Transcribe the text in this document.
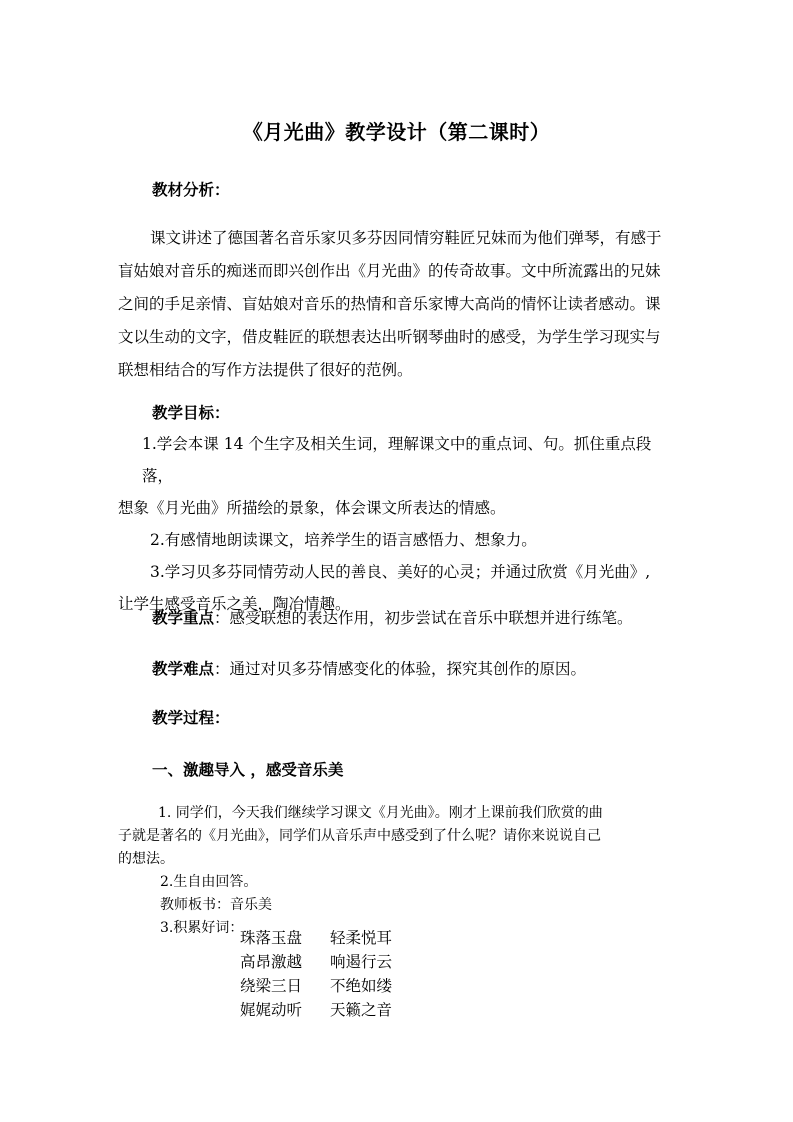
《月光曲》教学设计（第二课时）
教材分析：

课文讲述了德国著名音乐家贝多芬因同情穷鞋匠兄妹而为他们弹琴，有感于

盲姑娘对音乐的痴迷而即兴创作出《月光曲》的传奇故事。文中所流露出的兄妹

之间的手足亲情、盲姑娘对音乐的热情和音乐家博大高尚的情怀让读者感动。课

文以生动的文字，借皮鞋匠的联想表达出听钢琴曲时的感受，为学生学习现实与

联想相结合的写作方法提供了很好的范例。

教学目标：

1.学会本课 14 个生字及相关生词，理解课文中的重点词、句。抓住重点段落，

想象《月光曲》所描绘的景象，体会课文所表达的情感。

2.有感情地朗读课文，培养学生的语言感悟力、想象力。

3.学习贝多芬同情劳动人民的善良、美好的心灵；并通过欣赏《月光曲》,

让学生感受音乐之美，陶冶情趣。

教学重点：感受联想的表达作用，初步尝试在音乐中联想并进行练笔。
教学难点：通过对贝多芬情感变化的体验，探究其创作的原因。
教学过程：
一、激趣导入 ，感受音乐美

1. 同学们，今天我们继续学习课文《月光曲》。刚才上课前我们欣赏的曲

子就是著名的《月光曲》，同学们从音乐声中感受到了什么呢？请你来说说自己

的想法。

2.生自由回答。

教师板书：音乐美

3.积累好词：

珠落玉盘	轻柔悦耳
高昂激越	响遏行云
绕梁三日	不绝如缕
娓娓动听	天籁之音
